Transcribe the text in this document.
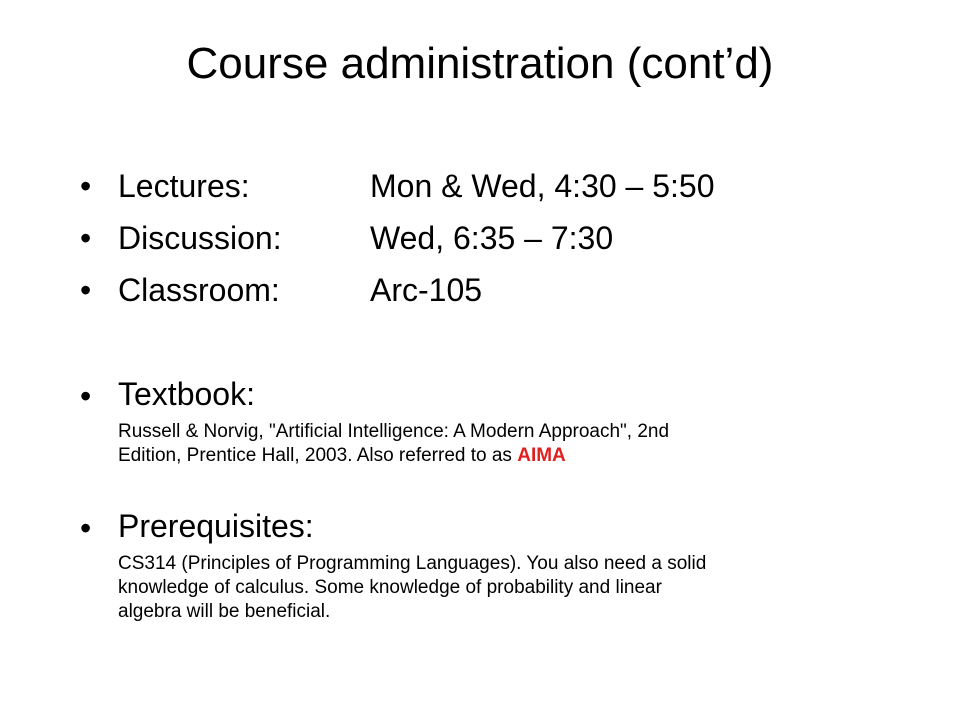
Course administration (cont’d)
• Lectures:	Mon & Wed, 4:30 – 5:50
• Discussion:	Wed, 6:35 – 7:30
• Classroom:	Arc-105
• Textbook:
Russell & Norvig, "Artificial Intelligence: A Modern Approach", 2nd Edition, Prentice Hall, 2003. Also referred to as AIMA
• Prerequisites:
CS314 (Principles of Programming Languages). You also need a solid knowledge of calculus. Some knowledge of probability and linear algebra will be beneficial.
